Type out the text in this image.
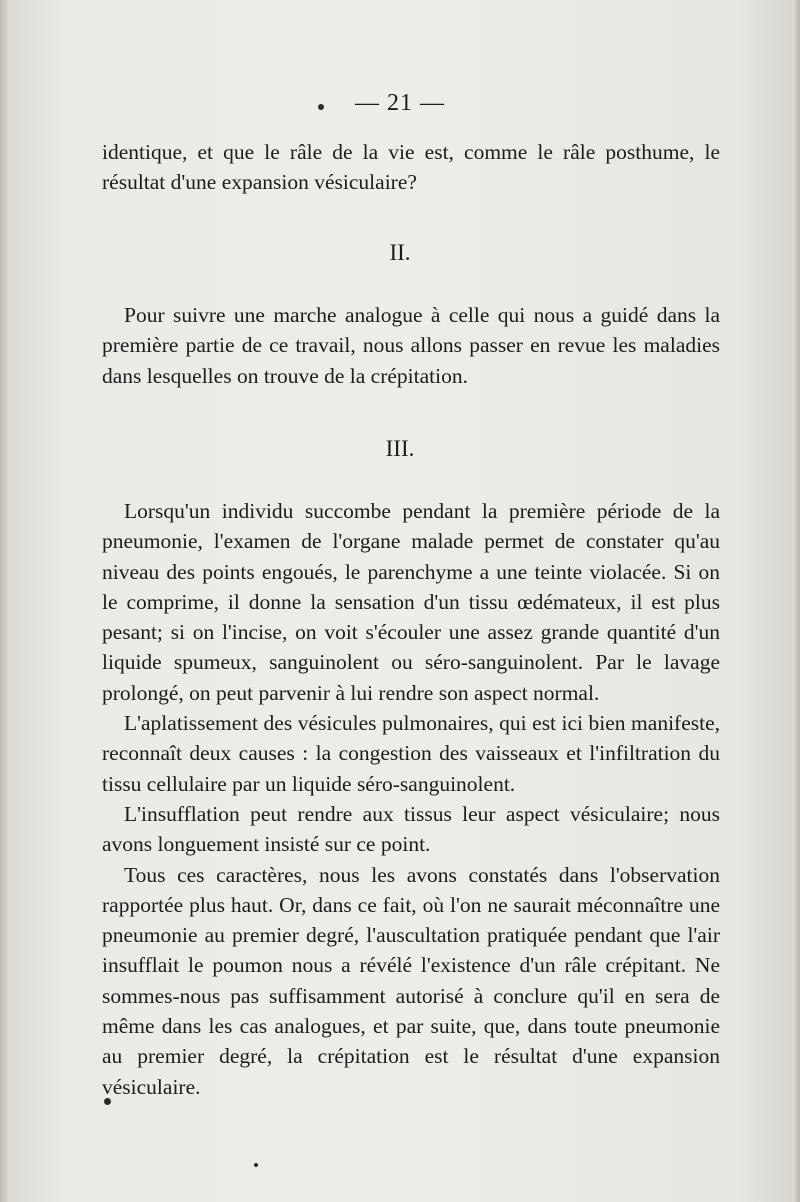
— 21 —

identique, et que le râle de la vie est, comme le râle posthume, le résultat d'une expansion vésiculaire?

II.

Pour suivre une marche analogue à celle qui nous a guidé dans la première partie de ce travail, nous allons passer en revue les maladies dans lesquelles on trouve de la crépitation.

III.

Lorsqu'un individu succombe pendant la première période de la pneumonie, l'examen de l'organe malade permet de constater qu'au niveau des points engoués, le parenchyme a une teinte violacée. Si on le comprime, il donne la sensation d'un tissu œdémateux, il est plus pesant; si on l'incise, on voit s'écouler une assez grande quantité d'un liquide spumeux, sanguinolent ou séro-sanguinolent. Par le lavage prolongé, on peut parvenir à lui rendre son aspect normal.

L'aplatissement des vésicules pulmonaires, qui est ici bien manifeste, reconnaît deux causes : la congestion des vaisseaux et l'infiltration du tissu cellulaire par un liquide séro-sanguinolent.

L'insufflation peut rendre aux tissus leur aspect vésiculaire; nous avons longuement insisté sur ce point.

Tous ces caractères, nous les avons constatés dans l'observation rapportée plus haut. Or, dans ce fait, où l'on ne saurait méconnaître une pneumonie au premier degré, l'auscultation pratiquée pendant que l'air insufflait le poumon nous a révélé l'existence d'un râle crépitant. Ne sommes-nous pas suffisamment autorisé à conclure qu'il en sera de même dans les cas analogues, et par suite, que, dans toute pneumonie au premier degré, la crépitation est le résultat d'une expansion vésiculaire.
